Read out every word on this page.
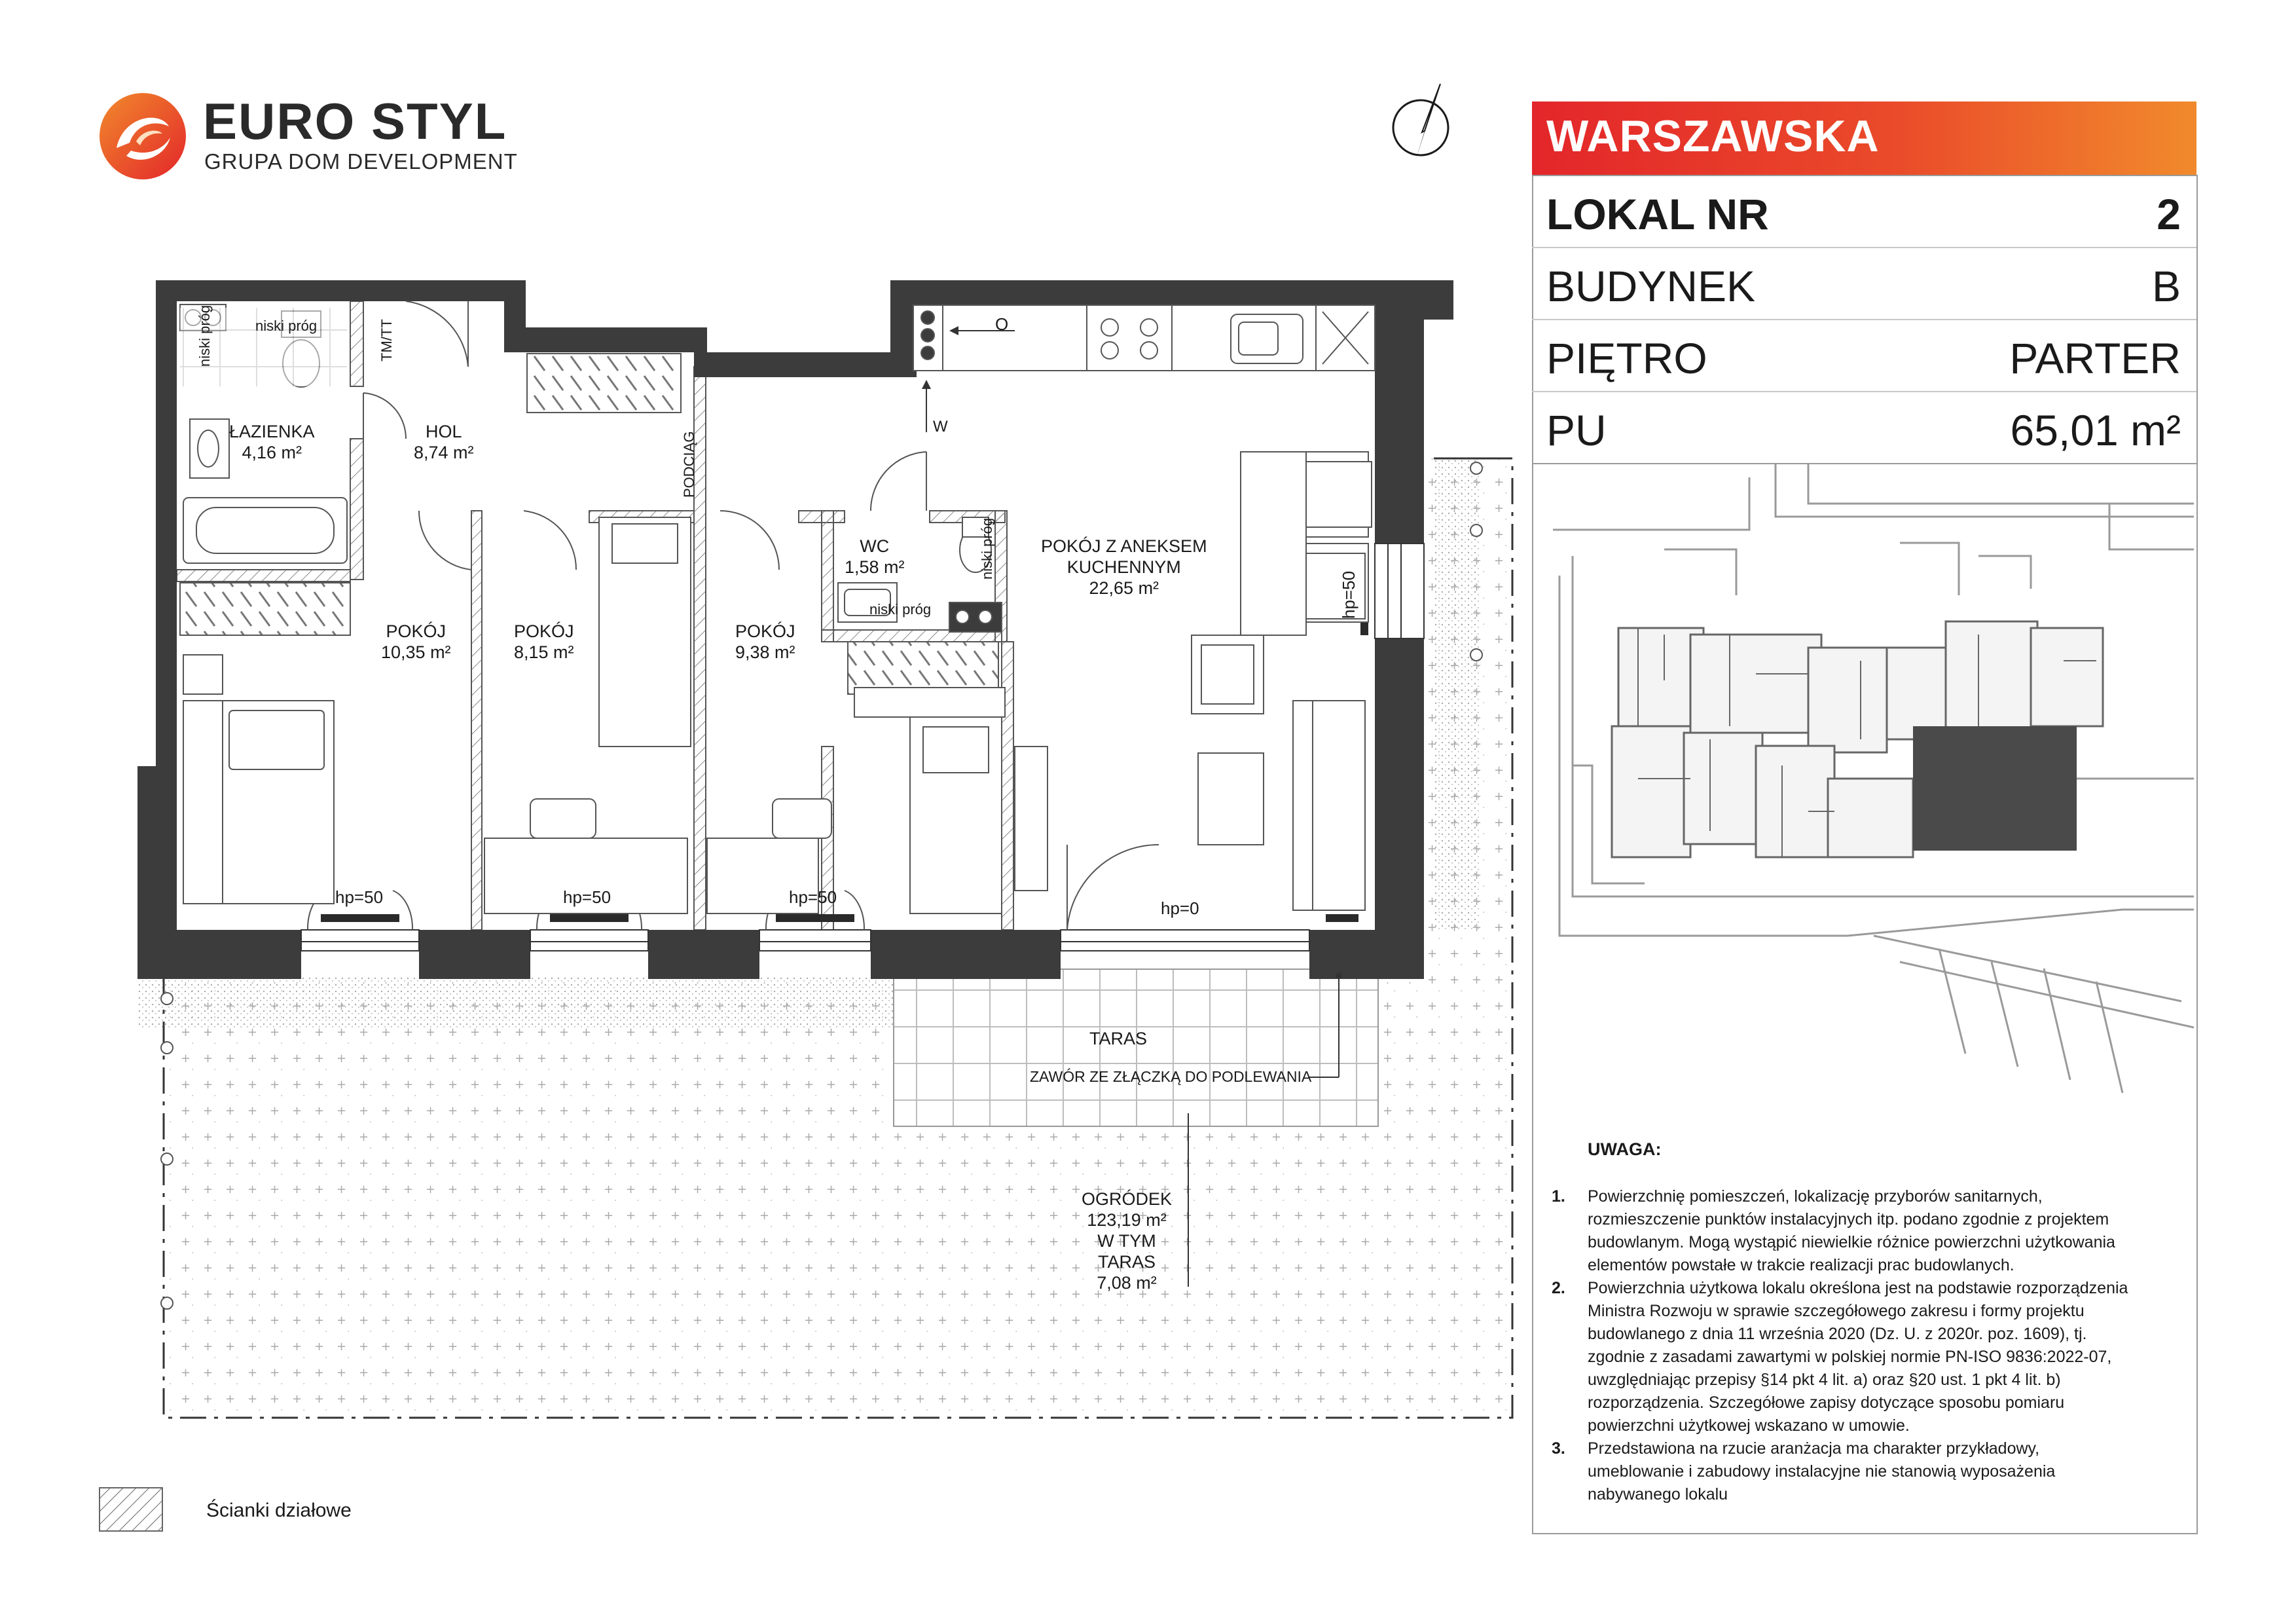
EURO STYL
GRUPA DOM DEVELOPMENT
WARSZAWSKA
LOKAL NR	2
BUDYNEK	B
PIĘTRO	PARTER
PU	65,01 m²
UWAGA:
1. Powierzchnię pomieszczeń, lokalizację przyborów sanitarnych,
rozmieszczenie punktów instalacyjnych itp. podano zgodnie z projektem
budowlanym. Mogą wystąpić niewielkie różnice powierzchni użytkowania
elementów powstałe w trakcie realizacji prac budowlanych.
2. Powierzchnia użytkowa lokalu określona jest na podstawie rozporządzenia
Ministra Rozwoju w sprawie szczegółowego zakresu i formy projektu
budowlanego z dnia 11 września 2020 (Dz. U. z 2020r. poz. 1609), tj.
zgodnie z zasadami zawartymi w polskiej normie PN-ISO 9836:2022-07,
uwzględniając przepisy §14 pkt 4 lit. a) oraz §20 ust. 1 pkt 4 lit. b)
rozporządzenia. Szczegółowe zapisy dotyczące sposobu pomiaru
powierzchni użytkowej wskazano w umowie.
3. Przedstawiona na rzucie aranżacja ma charakter przykładowy,
umeblowanie i zabudowy instalacyjne nie stanowią wyposażenia
nabywanego lokalu
ŁAZIENKA
4,16 m²
HOL
8,74 m²
POKÓJ
10,35 m²
POKÓJ
8,15 m²
POKÓJ
9,38 m²
WC
1,58 m²
POKÓJ Z ANEKSEM
KUCHENNYM
22,65 m²
TARAS
ZAWÓR ZE ZŁĄCZKĄ DO PODLEWANIA
OGRÓDEK
123,19 m²
W TYM
TARAS
7,08 m²
niski próg
niski próg
niski próg
niski próg
TM/TT
PODCIĄG
O
W
hp=50	hp=50	hp=50
hp=0
hp=50
Ścianki działowe
